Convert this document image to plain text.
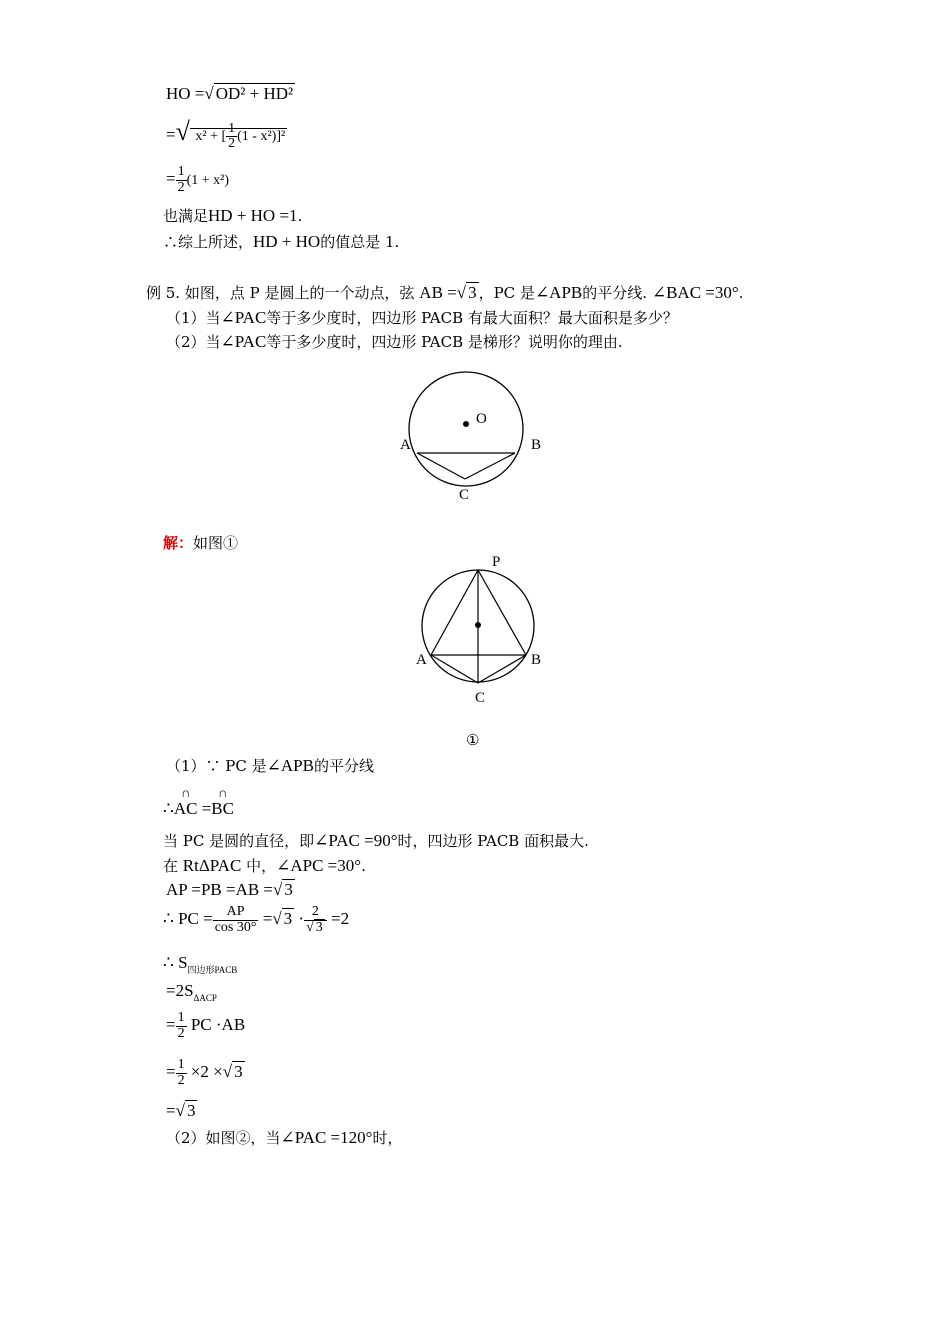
HO =√ OD² + HD²
=√ x² + [ $\frac{1}{2} (1 - x^2)]^2$
= $\frac{1}{2} (1 + x^2)$
也满足HD + HO =1.
∴综上所述，HD + HO的值总是 1.
例 5. 如图，点 P 是圆上的一个动点，弦 AB =√ 3 ，PC 是∠APB的平分线. ∠BAC =30°.
（1）当∠PAC等于多少度时，四边形 PACB 有最大面积？最大面积是多少？
（2）当∠PAC等于多少度时，四边形 PACB 是梯形？说明你的理由.
O
A	B
C
解：如图①
P
A	B
C
①
（1）∵ PC 是∠APB的平分线
∴∩ AC =∩ BC
当 PC 是圆的直径，即∠PAC =90°时，四边形 PACB 面积最大.
在 RtΔPAC 中，∠APC =30°.
AP =PB =AB =√ 3
∴ PC = $\frac{AP}{\cos 30^\circ}$ =√ $3 \cdot \frac{2}{√ 3} =2$
∴ $S_{四边形PACB}$
$=2S_{\Delta ACP}$
= $\frac{1}{2}$ PC ·AB
= $\frac{1}{2} \times 2$ ×√ 3
=√ 3
（2）如图②，当∠PAC =120°时，
